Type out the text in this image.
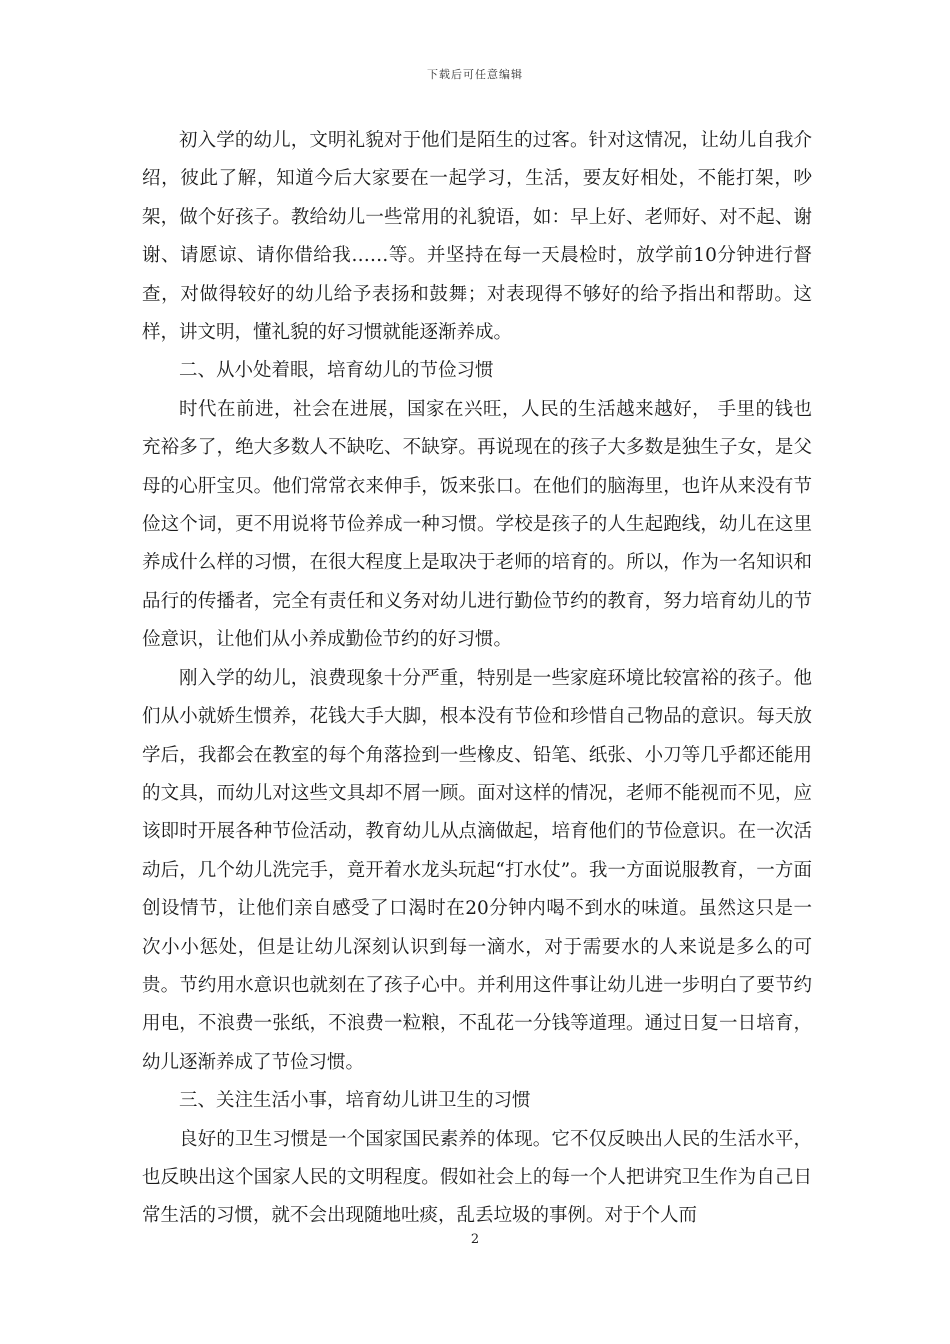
下载后可任意编辑

初入学的幼儿，文明礼貌对于他们是陌生的过客。针对这情况，让幼儿自我介绍，彼此了解，知道今后大家要在一起学习，生活，要友好相处，不能打架，吵架，做个好孩子。教给幼儿一些常用的礼貌语，如：早上好、老师好、对不起、谢谢、请愿谅、请你借给我……等。并坚持在每一天晨检时，放学前10分钟进行督查，对做得较好的幼儿给予表扬和鼓舞；对表现得不够好的给予指出和帮助。这样，讲文明，懂礼貌的好习惯就能逐渐养成。

二、从小处着眼，培育幼儿的节俭习惯

时代在前进，社会在进展，国家在兴旺，人民的生活越来越好， 手里的钱也充裕多了，绝大多数人不缺吃、不缺穿。再说现在的孩子大多数是独生子女，是父母的心肝宝贝。他们常常衣来伸手，饭来张口。在他们的脑海里，也许从来没有节俭这个词，更不用说将节俭养成一种习惯。学校是孩子的人生起跑线，幼儿在这里养成什么样的习惯，在很大程度上是取决于老师的培育的。所以，作为一名知识和品行的传播者，完全有责任和义务对幼儿进行勤俭节约的教育，努力培育幼儿的节俭意识，让他们从小养成勤俭节约的好习惯。

刚入学的幼儿，浪费现象十分严重，特别是一些家庭环境比较富裕的孩子。他们从小就娇生惯养，花钱大手大脚，根本没有节俭和珍惜自己物品的意识。每天放学后，我都会在教室的每个角落捡到一些橡皮、铅笔、纸张、小刀等几乎都还能用的文具，而幼儿对这些文具却不屑一顾。面对这样的情况，老师不能视而不见，应该即时开展各种节俭活动，教育幼儿从点滴做起，培育他们的节俭意识。在一次活动后，几个幼儿洗完手，竟开着水龙头玩起“打水仗”。我一方面说服教育，一方面创设情节，让他们亲自感受了口渴时在20分钟内喝不到水的味道。虽然这只是一次小小惩处，但是让幼儿深刻认识到每一滴水，对于需要水的人来说是多么的可贵。节约用水意识也就刻在了孩子心中。并利用这件事让幼儿进一步明白了要节约用电，不浪费一张纸，不浪费一粒粮，不乱花一分钱等道理。通过日复一日培育，幼儿逐渐养成了节俭习惯。

三、关注生活小事，培育幼儿讲卫生的习惯

良好的卫生习惯是一个国家国民素养的体现。它不仅反映出人民的生活水平，也反映出这个国家人民的文明程度。假如社会上的每一个人把讲究卫生作为自己日常生活的习惯，就不会出现随地吐痰，乱丢垃圾的事例。对于个人而

2
